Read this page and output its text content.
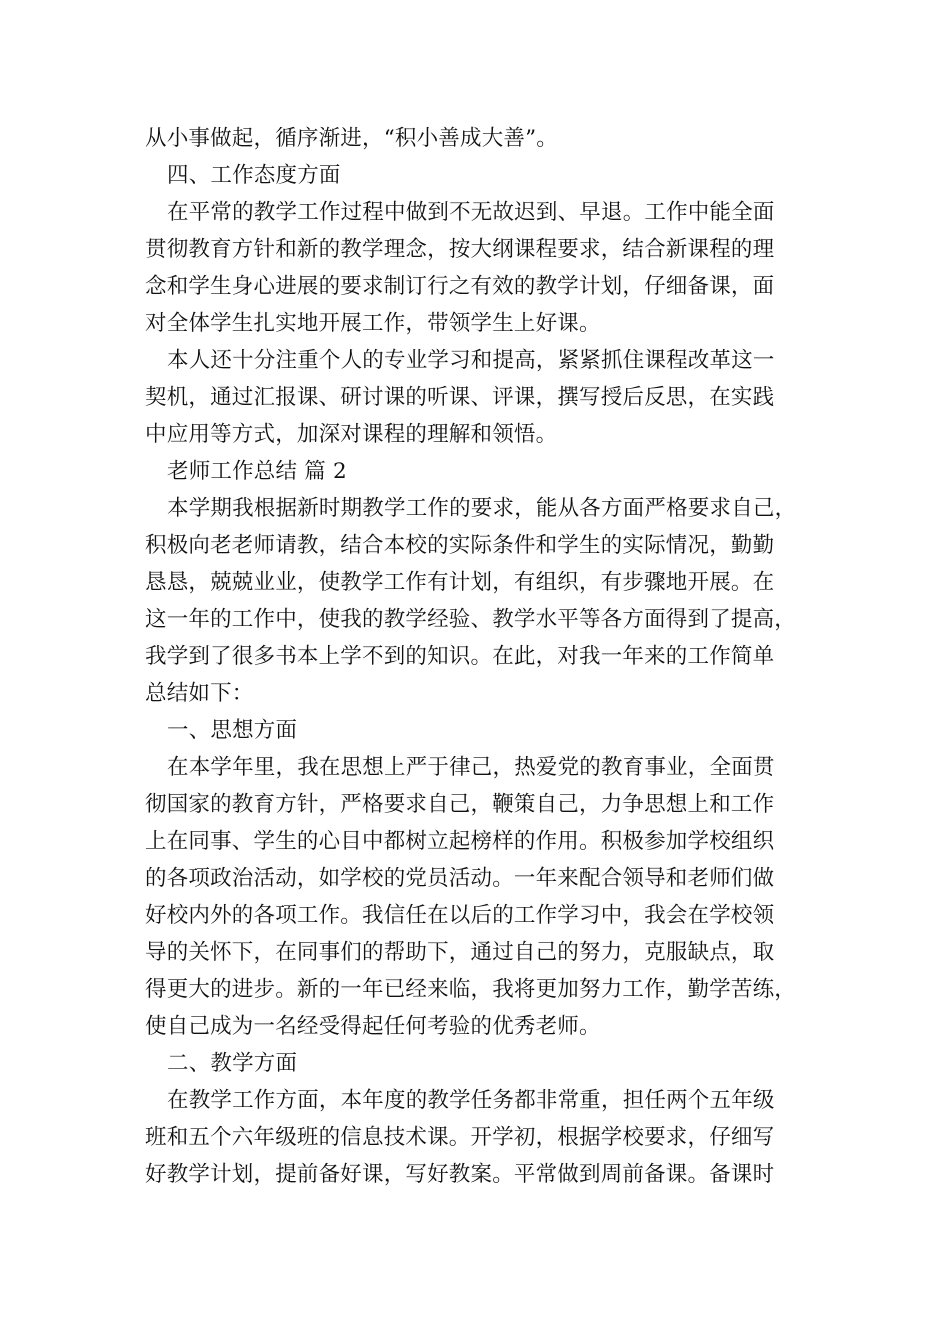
从小事做起，循序渐进，“积小善成大善”。
四、工作态度方面
在平常的教学工作过程中做到不无故迟到、早退。工作中能全面
贯彻教育方针和新的教学理念，按大纲课程要求，结合新课程的理
念和学生身心进展的要求制订行之有效的教学计划，仔细备课，面
对全体学生扎实地开展工作，带领学生上好课。
本人还十分注重个人的专业学习和提高，紧紧抓住课程改革这一
契机，通过汇报课、研讨课的听课、评课，撰写授后反思，在实践
中应用等方式，加深对课程的理解和领悟。
老师工作总结 篇 2
本学期我根据新时期教学工作的要求，能从各方面严格要求自己，
积极向老老师请教，结合本校的实际条件和学生的实际情况，勤勤
恳恳，兢兢业业，使教学工作有计划，有组织，有步骤地开展。在
这一年的工作中，使我的教学经验、教学水平等各方面得到了提高，
我学到了很多书本上学不到的知识。在此，对我一年来的工作简单
总结如下：
一、思想方面
在本学年里，我在思想上严于律己，热爱党的教育事业，全面贯
彻国家的教育方针，严格要求自己，鞭策自己，力争思想上和工作
上在同事、学生的心目中都树立起榜样的作用。积极参加学校组织
的各项政治活动，如学校的党员活动。一年来配合领导和老师们做
好校内外的各项工作。我信任在以后的工作学习中，我会在学校领
导的关怀下，在同事们的帮助下，通过自己的努力，克服缺点，取
得更大的进步。新的一年已经来临，我将更加努力工作，勤学苦练，
使自己成为一名经受得起任何考验的优秀老师。
二、教学方面
在教学工作方面，本年度的教学任务都非常重，担任两个五年级
班和五个六年级班的信息技术课。开学初，根据学校要求，仔细写
好教学计划，提前备好课，写好教案。平常做到周前备课。备课时
